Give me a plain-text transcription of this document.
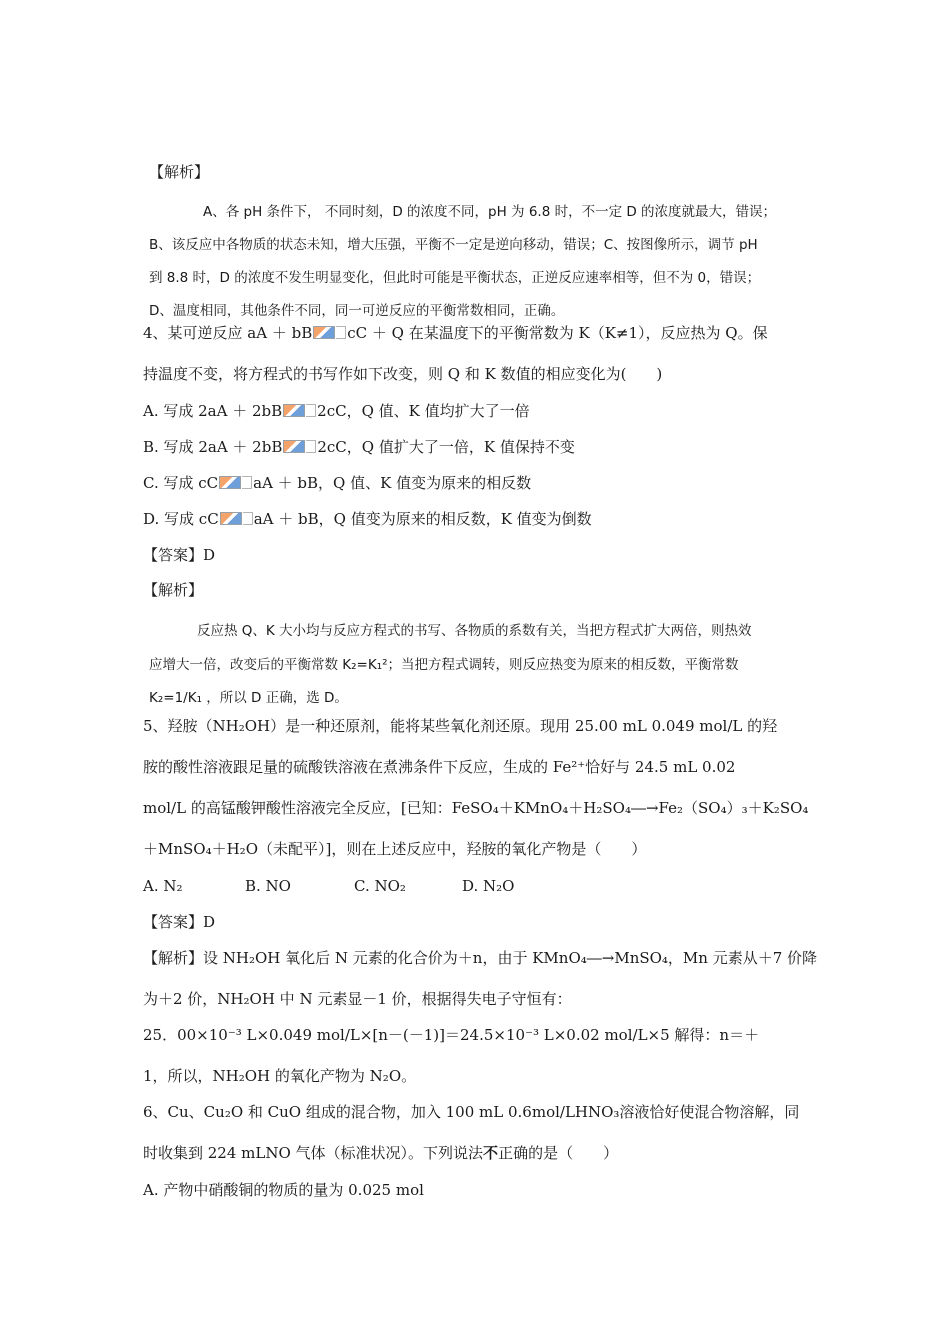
【解析】
A、各 pH 条件下， 不同时刻，D 的浓度不同，pH 为 6.8 时，不一定 D 的浓度就最大，错误；
B、该反应中各物质的状态未知，增大压强，平衡不一定是逆向移动，错误；C、按图像所示，调节 pH
到 8.8 时，D 的浓度不发生明显变化，但此时可能是平衡状态，正逆反应速率相等，但不为 0，错误；
D、温度相同，其他条件不同，同一可逆反应的平衡常数相同，正确。
4、某可逆反应 aA ＋ bB cC ＋ Q 在某温度下的平衡常数为 K（K≠1），反应热为 Q。保
持温度不变，将方程式的书写作如下改变，则 Q 和 K 数值的相应变化为(　　)
A. 写成 2aA ＋ 2bB 2cC，Q 值、K 值均扩大了一倍
B. 写成 2aA ＋ 2bB 2cC，Q 值扩大了一倍，K 值保持不变
C. 写成 cC aA ＋ bB，Q 值、K 值变为原来的相反数
D. 写成 cC aA ＋ bB，Q 值变为原来的相反数，K 值变为倒数
【答案】D
【解析】
反应热 Q、K 大小均与反应方程式的书写、各物质的系数有关，当把方程式扩大两倍，则热效
应增大一倍，改变后的平衡常数 K₂=K₁²；当把方程式调转，则反应热变为原来的相反数，平衡常数
K₂=1/K₁ ，所以 D 正确，选 D。
5、羟胺（NH₂OH）是一种还原剂，能将某些氧化剂还原。现用 25.00 mL 0.049 mol/L 的羟
胺的酸性溶液跟足量的硫酸铁溶液在煮沸条件下反应，生成的 Fe²⁺恰好与 24.5 mL 0.02
mol/L 的高锰酸钾酸性溶液完全反应，[已知：FeSO₄＋KMnO₄＋H₂SO₄―→Fe₂（SO₄）₃＋K₂SO₄
＋MnSO₄＋H₂O（未配平）]，则在上述反应中，羟胺的氧化产物是（　　）
A. N₂	B. NO	C. NO₂	D. N₂O
【答案】D
【解析】设 NH₂OH 氧化后 N 元素的化合价为＋n，由于 KMnO₄―→MnSO₄，Mn 元素从＋7 价降
为＋2 价，NH₂OH 中 N 元素显－1 价，根据得失电子守恒有：
25．00×10⁻³ L×0.049 mol/L×[n－(－1)]＝24.5×10⁻³ L×0.02 mol/L×5 解得：n＝＋
1，所以，NH₂OH 的氧化产物为 N₂O。
6、Cu、Cu₂O 和 CuO 组成的混合物，加入 100 mL 0.6mol/LHNO₃溶液恰好使混合物溶解，同
时收集到 224 mLNO 气体（标准状况）。下列说法不正确的是（　　）
A. 产物中硝酸铜的物质的量为 0.025 mol
